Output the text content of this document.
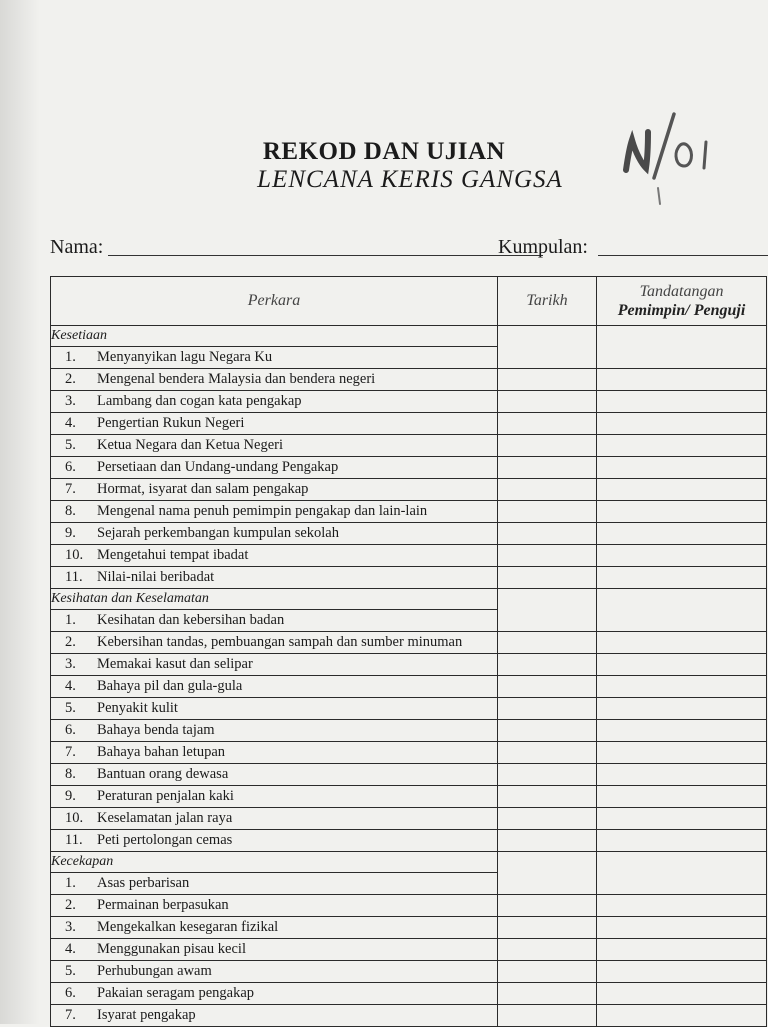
REKOD DAN UJIAN
LENCANA KERIS GANGSA
Nama:	Kumpulan:
Perkara	Tarikh	Tandatangan
Pemimpin/ Penguji

Kesetiaan		
1. Menyanyikan lagu Negara Ku		
2. Mengenal bendera Malaysia dan bendera negeri		
3. Lambang dan cogan kata pengakap		
4. Pengertian Rukun Negeri		
5. Ketua Negara dan Ketua Negeri		
6. Persetiaan dan Undang-undang Pengakap		
7. Hormat, isyarat dan salam pengakap		
8. Mengenal nama penuh pemimpin pengakap dan lain-lain		
9. Sejarah perkembangan kumpulan sekolah		
10. Mengetahui tempat ibadat		
11. Nilai-nilai beribadat		
Kesihatan dan Keselamatan		
1. Kesihatan dan kebersihan badan		
2. Kebersihan tandas, pembuangan sampah dan sumber minuman		
3. Memakai kasut dan selipar		
4. Bahaya pil dan gula-gula		
5. Penyakit kulit		
6. Bahaya benda tajam		
7. Bahaya bahan letupan		
8. Bantuan orang dewasa		
9. Peraturan penjalan kaki		
10. Keselamatan jalan raya		
11. Peti pertolongan cemas		
Kecekapan		
1. Asas perbarisan		
2. Permainan berpasukan		
3. Mengekalkan kesegaran fizikal		
4. Menggunakan pisau kecil		
5. Perhubungan awam		
6. Pakaian seragam pengakap		
7. Isyarat pengakap		
